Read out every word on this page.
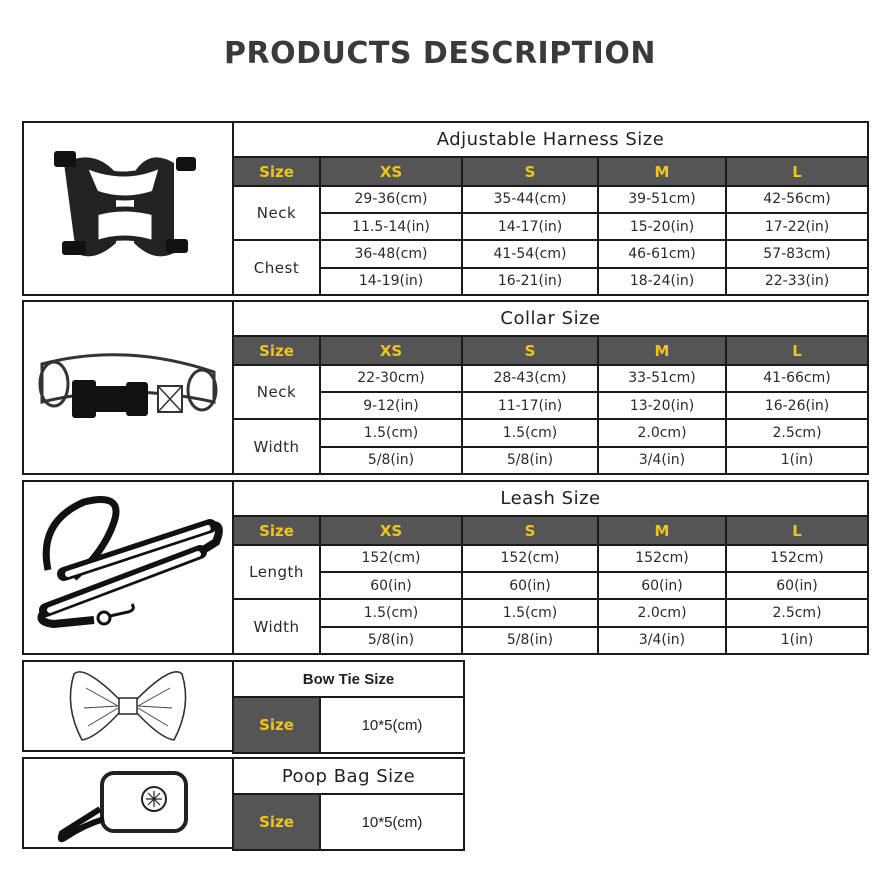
PRODUCTS DESCRIPTION
Adjustable Harness Size				
Size	XS	S	M	L
Neck	29-36(cm)	35-44(cm)	39-51cm)	42-56cm)
	11.5-14(in)	14-17(in)	15-20(in)	17-22(in)
Chest	36-48(cm)	41-54(cm)	46-61cm)	57-83cm)
	14-19(in)	16-21(in)	18-24(in)	22-33(in)
Collar Size				
Size	XS	S	M	L
Neck	22-30cm)	28-43(cm)	33-51cm)	41-66cm)
	9-12(in)	11-17(in)	13-20(in)	16-26(in)
Width	1.5(cm)	1.5(cm)	2.0cm)	2.5cm)
	5/8(in)	5/8(in)	3/4(in)	1(in)
Leash Size				
Size	XS	S	M	L
Length	152(cm)	152(cm)	152cm)	152cm)
	60(in)	60(in)	60(in)	60(in)
Width	1.5(cm)	1.5(cm)	2.0cm)	2.5cm)
	5/8(in)	5/8(in)	3/4(in)	1(in)
Bow Tie Size
Size	10*5(cm)
Poop Bag Size
Size	10*5(cm)
